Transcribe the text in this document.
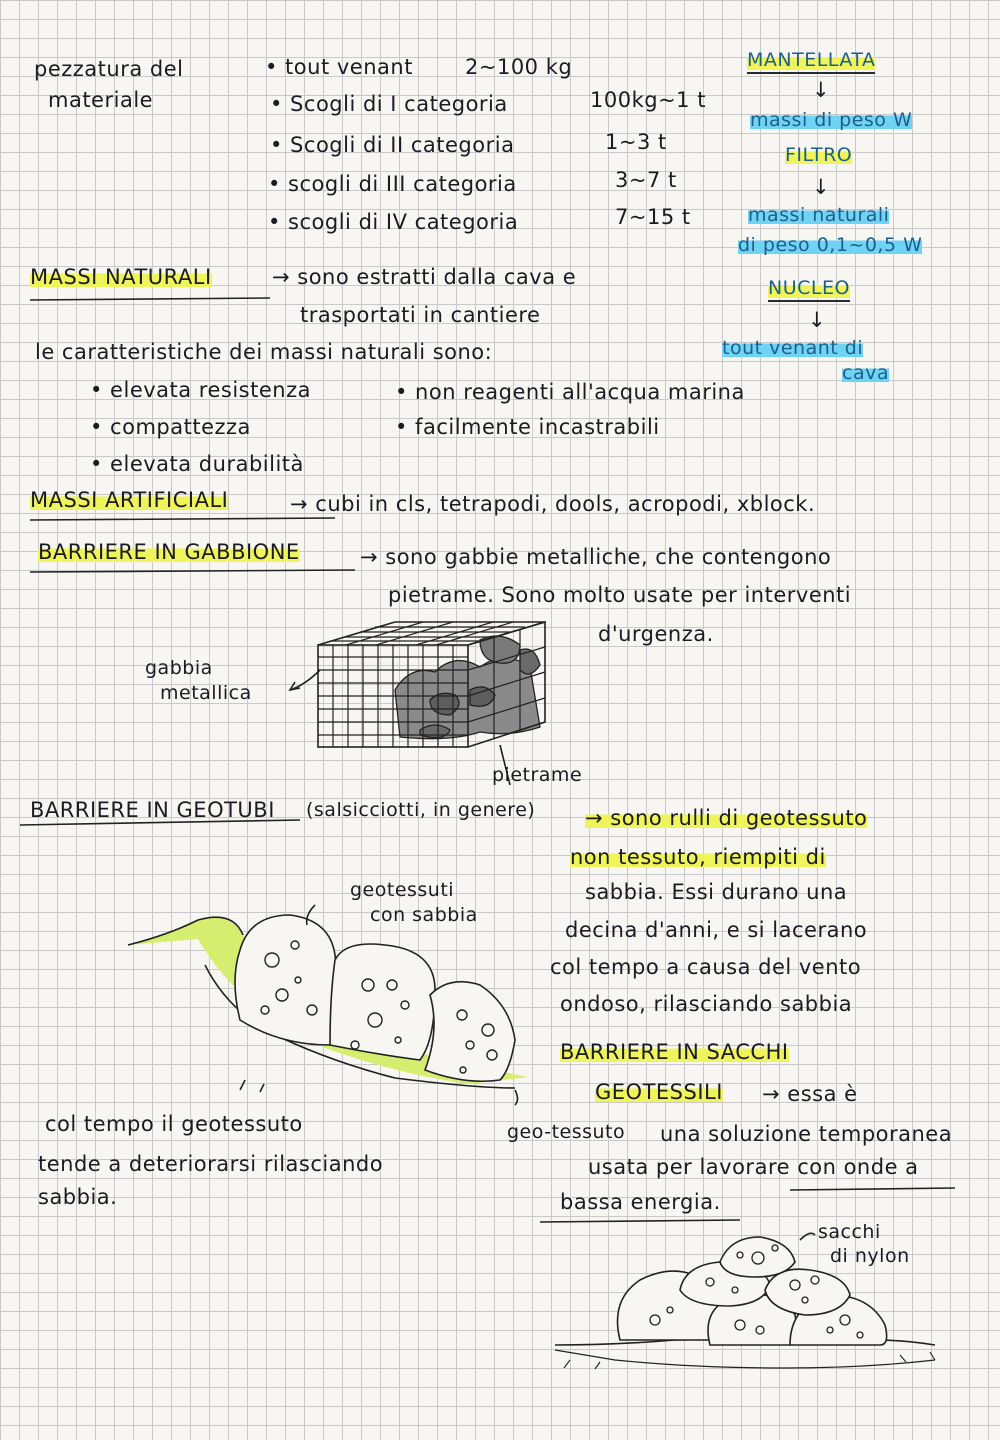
pezzatura del
materiale
• tout venant 2~100 kg
• Scogli di I categoria	100kg~1 t
• Scogli di II categoria	1~3 t
• scogli di III categoria	3~7 t
• scogli di IV categoria	7~15 t
MANTELLATA
↓
massi di peso W
FILTRO
↓
massi naturali
di peso 0,1~0,5 W
NUCLEO
↓
tout venant di
cava
MASSI NATURALI	→ sono estratti dalla cava e
trasportati in cantiere
le caratteristiche dei massi naturali sono:
• elevata resistenza
• compattezza
• elevata durabilità
• non reagenti all'acqua marina
• facilmente incastrabili
MASSI ARTIFICIALI	→ cubi in cls, tetrapodi, dools, acropodi, xblock.
BARRIERE IN GABBIONE	→ sono gabbie metalliche, che contengono
pietrame. Sono molto usate per interventi
d'urgenza.
gabbia
metallica
pietrame
BARRIERE IN GEOTUBI (salsicciotti, in genere) → sono rulli di geotessuto
non tessuto, riempiti di
sabbia. Essi durano una
decina d'anni, e si lacerano
col tempo a causa del vento
ondoso, rilasciando sabbia
geotessuti
con sabbia
geo-tessuto
col tempo il geotessuto
tende a deteriorarsi rilasciando
sabbia.
BARRIERE IN SACCHI
GEOTESSILI → essa è
una soluzione temporanea
usata per lavorare con onde a
bassa energia.
sacchi
di nylon
